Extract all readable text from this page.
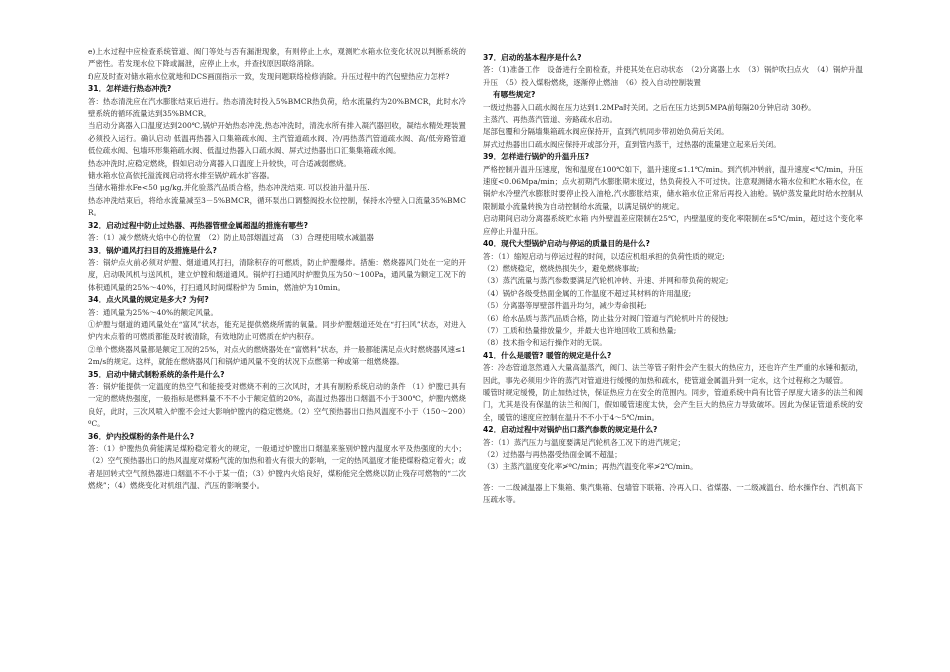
e)上水过程中应检查系统管道、阀门等处与否有漏泄现象，有则停止上水，观测贮水箱水位变化状况以判断系统的严密性。若发现水位下降或漏泄，应停止上水，并查找原因联络消除。

f)应及时查对储水箱水位就地和DCS画面指示一致，发现问题联络检修消除。升压过程中的汽包壁热应力怎样?

31．怎样进行热态冲洗?

答：热态清洗应在汽水膨胀结束后进行。热态清洗时投入5%BMCR热负荷，给水流量约为20%BMCR，此时水冷壁系统的循环流量达到35%BMCR。

当启动分离器入口温度达到200℃,锅炉开始热态冲洗,热态冲洗时，清洗水所有排入凝汽器回收，凝结水精处理装置必须投入运行。确认启动 低温再热器入口集箱疏水阀、主汽管道疏水阀、冷/再热蒸汽管道疏水阀、高/低旁路管道低位疏水阀、包墙环形集箱疏水阀、低温过热器入口疏水阀、屏式过热器出口汇集集箱疏水阀。

热态冲洗时,应稳定燃烧，假如启动分离器入口温度上升较快，可合适减弱燃烧。

储水箱水位高依托溢流阀启动将水排至锅炉疏水扩容器。

当储水箱排水Fe<50 μg/kg,并化验蒸汽品质合格，热态冲洗结束. 可以投油升温升压.

热态冲洗结束后，将给水流量减至3－5%BMCR，循环泵出口调整阀投水位控制，保持水冷壁入口流量35%BMCR。

32．启动过程中防止过热器、再热器管壁金属超温的措施有哪些?

答：（1）减少燃烧火焰中心的位置　（2）防止局部烟温过高　（3）合理使用喷水减温器

33．锅炉通风打扫目的及措施是什么?

答：锅炉点火前必须对炉膛、烟道通风打扫，清除积存的可燃质，防止炉膛爆炸。措施：燃烧器风门处在一定的开度，启动吸风机与送风机，建立炉膛和烟道通风。锅炉打扫通风时炉膛负压为50～100Pa，通风量为额定工况下的体积通风量的25%～40%，打扫通风时间煤粉炉为 5min，燃油炉为10min。

34．点火风量的规定是多大? 为何?

答：通风量为25%～40%的额定风量。

①炉膛与烟道的通风量处在“富风”状态，能充足提供燃烧所需的氧量。同步炉膛烟道还处在“打扫风”状态，对进入炉内未点着的可燃质都能及时被清除，有效地防止可燃质在炉内积存。

②单个燃烧器风量都是额定工况的25%，对点火的燃烧器处在“富燃料”状态，并一般都能满足点火时燃烧器风速≤12m/s的规定。这样，就能在燃烧器风门和锅炉通风量不变的状况下点燃第一种或第一组燃烧器。

35．启动中储式制粉系统的条件是什么?

答：锅炉能提供一定温度的热空气和能接受对燃烧不利的三次风时，才具有制粉系统启动的条件 （1）炉膛已具有一定的燃烧热强度，一般指标是燃料量不不不小于额定值的20%，高温过热器出口烟温不小于300℃，炉膛内燃烧良好，此时，三次风喷入炉膛不会过大影响炉膛内的稳定燃烧。（2）空气预热器出口热风温度不小于（150～200）ºC。

36．炉内投煤粉的条件是什么?

答：（1）炉膛热负荷能满足煤粉稳定着火的规定，一般通过炉膛出口烟温来鉴别炉膛内温度水平及热强度的大小；（2）空气预热器出口的热风温度对煤粉气流的加热和着火有很大的影响，一定的热风温度才能使煤粉稳定着火；或者是回转式空气预热器进口烟温不不小于某一值；（3）炉膛内火焰良好，煤粉能完全燃烧以防止残存可燃物的“二次燃烧”；（4）燃烧变化对机组汽温、汽压的影响要小。

37．启动的基本程序是什么?

答：（1)准备工作　设备进行全面检查，并使其处在启动状态　（2)分离器上水　（3）锅炉吹扫点火　（4）锅炉升温升压　（5）投入煤粉燃烧，逐渐停止燃油　（6）投入自动控制装置

有哪些规定?

一级过热器入口疏水阀在压力达到1.2MPa时关闭。之后在压力达到5MPA前每隔20分钟启动 30秒。

主蒸汽、再热蒸汽管道、旁路疏水启动。

尾部包覆和分隔墙集箱疏水阀应保持开，直到汽机同步带初始负荷后关闭。

屏式过热器出口疏水阀应保持开或部分开，直到管内蒸干，过热器的流量建立起来后关闭。

39．怎样进行锅炉的升温升压?

严格控制升温升压速度，饱和温度在100℃如下，温升速度≤1.1℃/min。到汽机冲转前，温升速度<℃/min，升压速度<0.06Mpa/min；点火初期汽水膨胀期未度过，热负荷投入不可过快。注意观测储水箱水位和贮水箱水位，在锅炉水冷壁汽水膨胀时要停止投入油枪,汽水膨胀结束，储水箱水位正常后再投入油枪。锅炉蒸发量此时给水控制从限制最小流量转换为自动控制给水流量，以满足锅炉的规定。

启动期间启动分离器系统贮水箱 内外壁温差应限制在25℃，内壁温度的变化率限制在≤5℃/min，超过这个变化率应停止升温升压。

40．现代大型锅炉启动与停运的质量目的是什么?

答：（1）缩短启动与停运过程的时间，以适应机组承担的负荷性质的规定;

（2）燃烧稳定，燃烧热损失少，避免燃烧事故;

（3）蒸汽流量与蒸汽参数要满足汽轮机冲转、升速、并网和带负荷的规定;

（4）锅炉各级受热面金属的工作温度不超过其材料的许用温度;

（5）分离器等厚壁部件温升均匀，减少寿命损耗;

（6）给水品质与蒸汽品质合格，防止盐分对阀门管道与汽轮机叶片的侵蚀;

（7）工质和热量排放量少，并最大也许地回收工质和热量;

（8）技术指令和运行操作对的无误。

41．什么是暖管? 暖管的规定是什么?

答：冷态管道忽然通入大量高温蒸汽，阀门、法兰等管子附件会产生很大的热应力，还也许产生严重的水锤和振动，因此，事先必须用少许的蒸汽对管道进行缓慢的加热和疏水，使管道金属温升到一定水，这个过程称之为暖管。

暖管时规定缓慢，防止加热过快，保证热应力在安全的范围内。同步，管道系统中尚有比管子厚度大诸多的法兰和阀门，尤其是没有保温的法兰和阀门，假如暖管速度太快，会产生巨大的热应力导致破坏。因此为保证管道系统的安全，暖管的速度应控制在温升不不小于4～5℃/min。

42．启动过程中对锅炉出口蒸汽参数的规定是什么?

答：（1）蒸汽压力与温度要满足汽轮机各工况下的进汽规定；

（2）过热器与再热器受热面金属不超温；

（3）主蒸汽温度变化率≯ºC/min；再热汽温变化率≯2℃/min。

答：一二级减温器上下集箱、集汽集箱、包墙管下联箱、冷再入口、省煤器、一二级减温台、给水操作台、汽机高下压疏水等。
